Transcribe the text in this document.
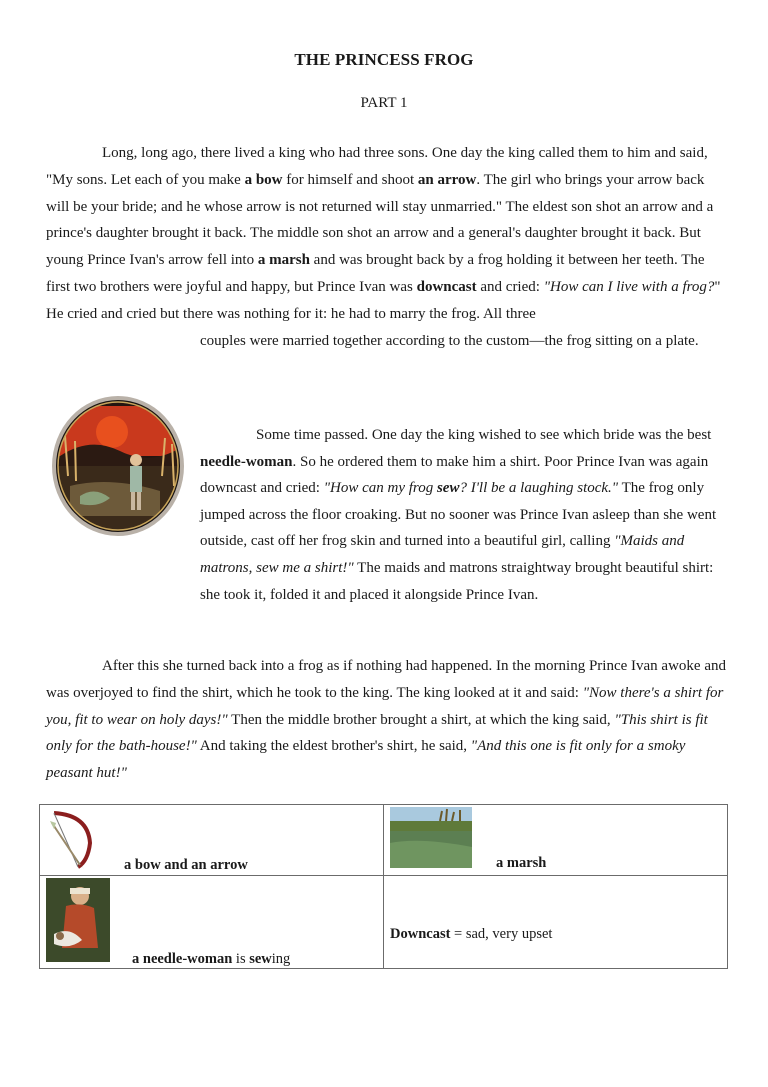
THE PRINCESS FROG
PART 1
Long, long ago, there lived a king who had three sons. One day the king called them to him and said, "My sons. Let each of you make a bow for himself and shoot an arrow. The girl who brings your arrow back will be your bride; and he whose arrow is not returned will stay unmarried." The eldest son shot an arrow and a prince's daughter brought it back. The middle son shot an arrow and a general's daughter brought it back. But young Prince Ivan's arrow fell into a marsh and was brought back by a frog holding it between her teeth. The first two brothers were joyful and happy, but Prince Ivan was downcast and cried: "How can I live with a frog?" He cried and cried but there was nothing for it: he had to marry the frog. All three
couples were married together according to the custom—the frog sitting on a plate.
Some time passed. One day the king wished to see which bride was the best needle-woman. So he ordered them to make him a shirt. Poor Prince Ivan was again downcast and cried: "How can my frog sew? I'll be a laughing stock." The frog only jumped across the floor croaking. But no sooner was Prince Ivan asleep than she went outside, cast off her frog skin and turned into a beautiful girl, calling "Maids and matrons, sew me a shirt!" The maids and matrons straightway brought beautiful shirt: she took it, folded it and placed it alongside Prince Ivan.
After this she turned back into a frog as if nothing had happened. In the morning Prince Ivan awoke and was overjoyed to find the shirt, which he took to the king. The king looked at it and said: "Now there's a shirt for you, fit to wear on holy days!" Then the middle brother brought a shirt, at which the king said, "This shirt is fit only for the bath-house!" And taking the eldest brother's shirt, he said, "And this one is fit only for a smoky peasant hut!"
a bow and an arrow	a marsh

a needle-woman is sewing	Downcast = sad, very upset
